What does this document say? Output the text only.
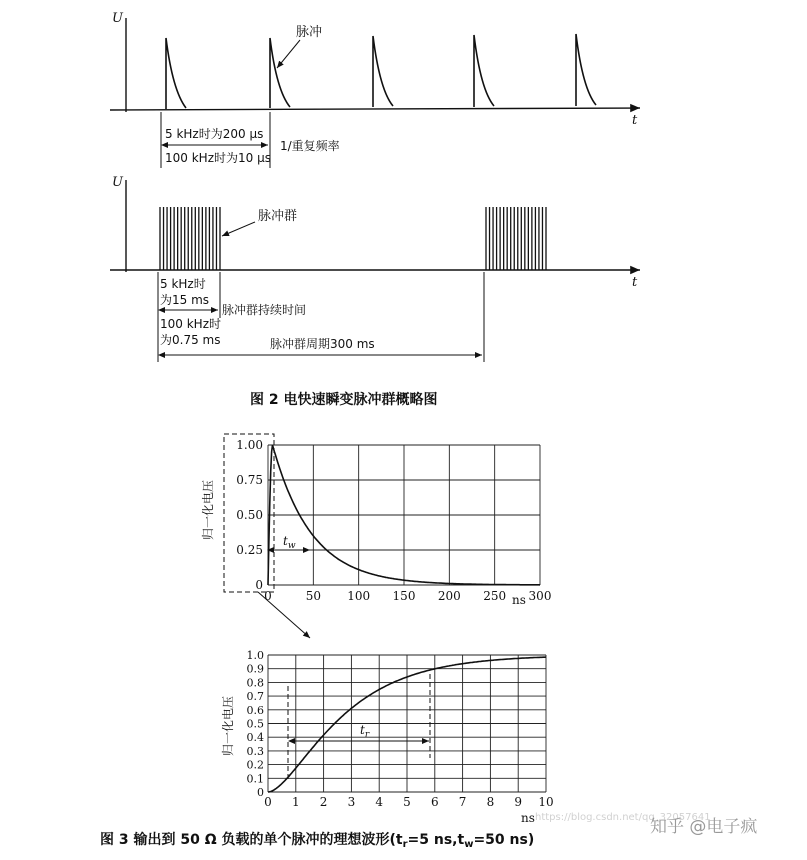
U
t
脉冲
5 kHz时为200 μs
1/重复频率
100 kHz时为10 μs
U
t
脉冲群
5 kHz时
为15 ms
脉冲群持续时间
100 kHz时
为0.75 ms	脉冲群周期300 ms
图 2 电快速瞬变脉冲群概略图
0	50 100 150 200 250 300
1.00
0.75
0.50
0.25
0
归一化电压
ns
$t_w$
0 1 2 3 4 5 6 7 8 9 10
1.0
0.9
0.8
0.7
0.6
0.5
0.4
0.3
0.2
0.1
0
$t_r$
归一化电压
ns
图 3 输出到 50 Ω 负载的单个脉冲的理想波形($t_r=5$ $ns,t_w=50$ ns)
知乎 @电子疯
https://blog.csdn.net/qq_32057641
